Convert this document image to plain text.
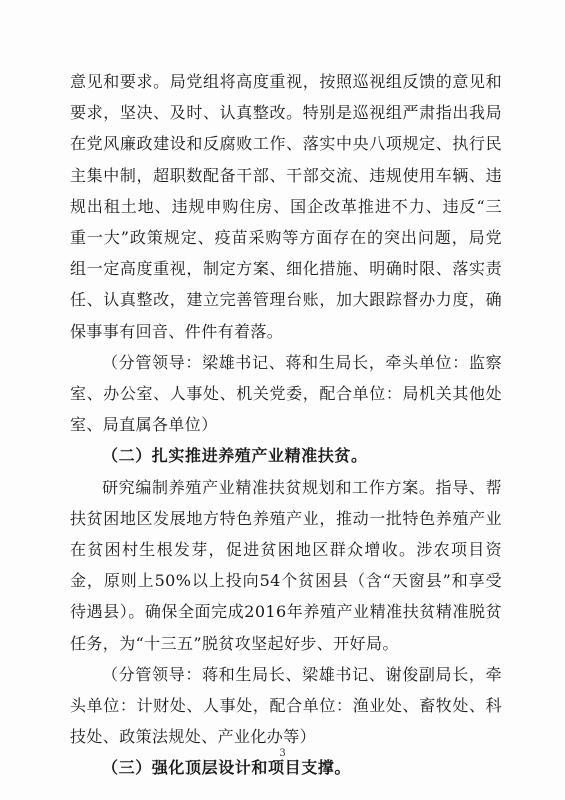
意见和要求。局党组将高度重视，按照巡视组反馈的意见和要求，坚决、及时、认真整改。特别是巡视组严肃指出我局在党风廉政建设和反腐败工作、落实中央八项规定、执行民主集中制，超职数配备干部、干部交流、违规使用车辆、违规出租土地、违规申购住房、国企改革推进不力、违反“三重一大”政策规定、疫苗采购等方面存在的突出问题，局党组一定高度重视，制定方案、细化措施、明确时限、落实责任、认真整改，建立完善管理台账，加大跟踪督办力度，确保事事有回音、件件有着落。

（分管领导：梁雄书记、蒋和生局长，牵头单位：监察室、办公室、人事处、机关党委，配合单位：局机关其他处室、局直属各单位）

（二）扎实推进养殖产业精准扶贫。

研究编制养殖产业精准扶贫规划和工作方案。指导、帮扶贫困地区发展地方特色养殖产业，推动一批特色养殖产业在贫困村生根发芽，促进贫困地区群众增收。涉农项目资金，原则上50%以上投向54个贫困县（含“天窗县”和享受待遇县）。确保全面完成2016年养殖产业精准扶贫精准脱贫任务，为“十三五”脱贫攻坚起好步、开好局。

（分管领导：蒋和生局长、梁雄书记、谢俊副局长，牵头单位：计财处、人事处，配合单位：渔业处、畜牧处、科技处、政策法规处、产业化办等）

（三）强化顶层设计和项目支撑。

3
